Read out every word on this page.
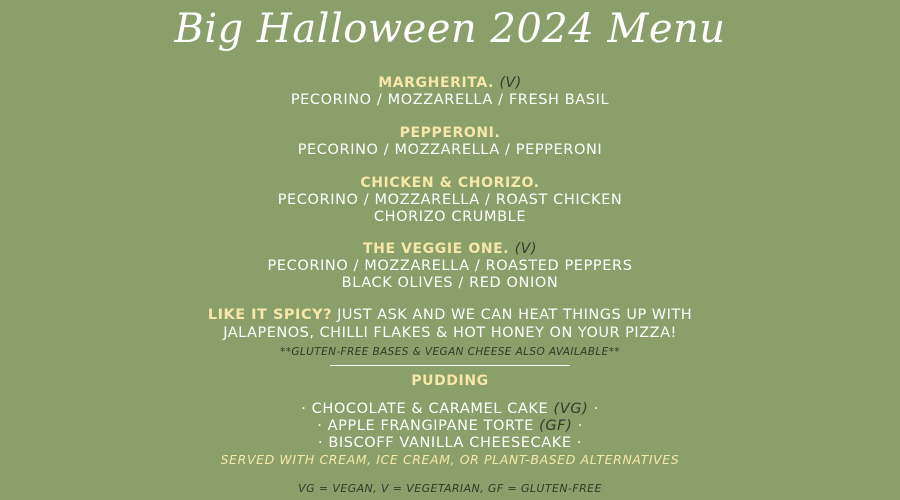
Big Halloween 2024 Menu
MARGHERITA. (V)
PECORINO / MOZZARELLA / FRESH BASIL
PEPPERONI.
PECORINO / MOZZARELLA / PEPPERONI
CHICKEN & CHORIZO.
PECORINO / MOZZARELLA / ROAST CHICKEN
CHORIZO CRUMBLE
THE VEGGIE ONE. (V)
PECORINO / MOZZARELLA / ROASTED PEPPERS
BLACK OLIVES / RED ONION
LIKE IT SPICY? JUST ASK AND WE CAN HEAT THINGS UP WITH
JALAPENOS, CHILLI FLAKES & HOT HONEY ON YOUR PIZZA!
**GLUTEN-FREE BASES & VEGAN CHEESE ALSO AVAILABLE**
PUDDING
· CHOCOLATE & CARAMEL CAKE (VG) ·
· APPLE FRANGIPANE TORTE (GF) ·
· BISCOFF VANILLA CHEESECAKE ·
SERVED WITH CREAM, ICE CREAM, OR PLANT-BASED ALTERNATIVES
VG = VEGAN, V = VEGETARIAN, GF = GLUTEN-FREE
